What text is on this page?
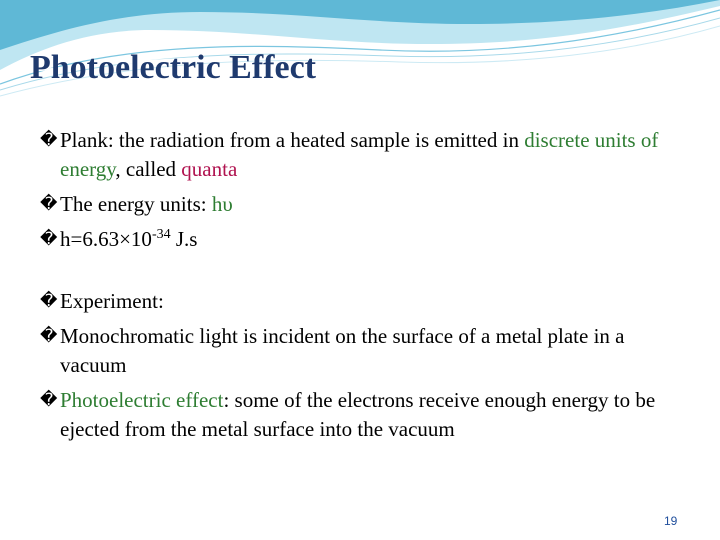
Photoelectric Effect
� Plank: the radiation from a heated sample is emitted in discrete units of energy, called quanta
� The energy units: hυ
� $h=6.63\times 10^{-34}$ J.s
� Experiment:
� Monochromatic light is incident on the surface of a metal plate in a vacuum
� Photoelectric effect: some of the electrons receive enough energy to be ejected from the metal surface into the vacuum
19
